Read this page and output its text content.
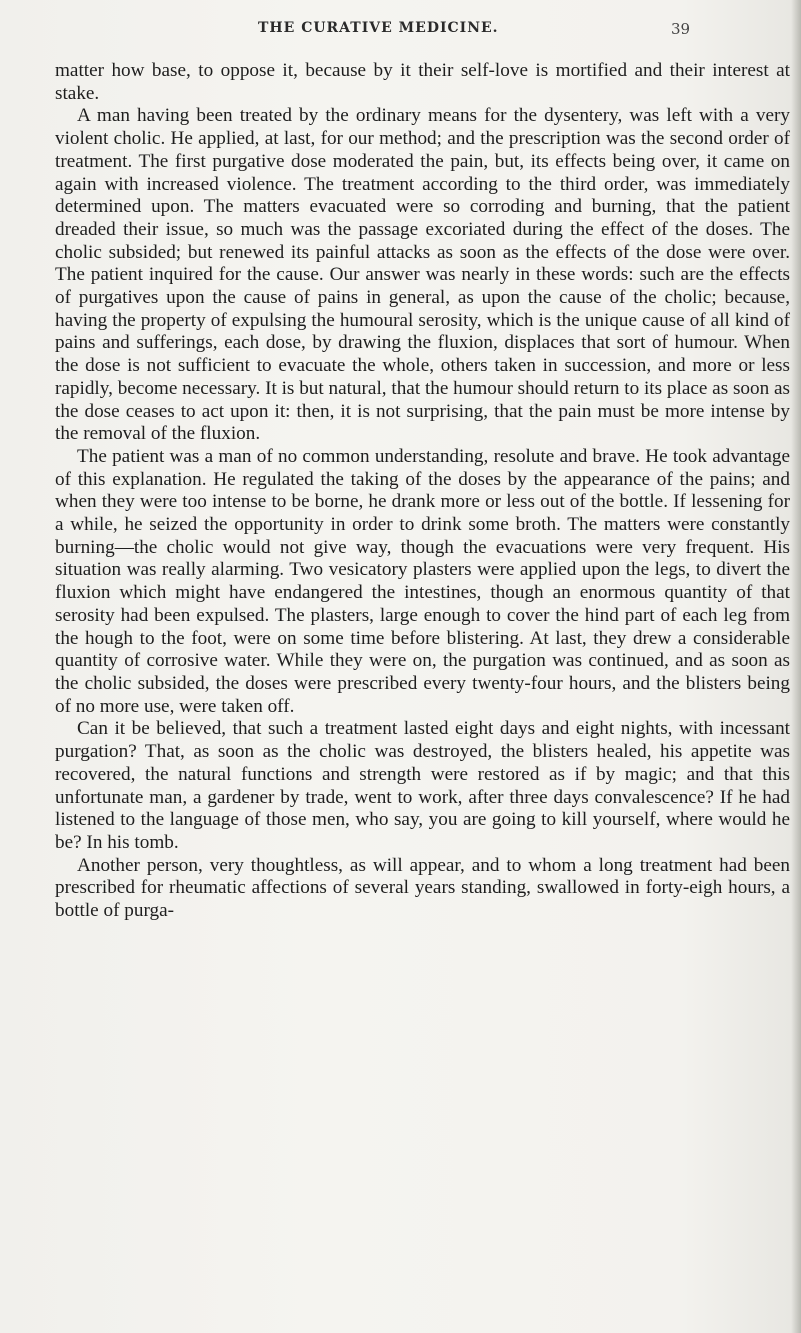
THE CURATIVE MEDICINE.	39

matter how base, to oppose it, because by it their self-love is mortified and their interest at stake.

A man having been treated by the ordinary means for the dysentery, was left with a very violent cholic. He applied, at last, for our method; and the prescription was the second order of treatment. The first purgative dose moderated the pain, but, its effects being over, it came on again with increased violence. The treatment according to the third order, was immediately determined upon. The matters evacuated were so corroding and burning, that the patient dreaded their issue, so much was the passage excoriated during the effect of the doses. The cholic subsided; but renewed its painful attacks as soon as the effects of the dose were over. The patient inquired for the cause. Our answer was nearly in these words: such are the effects of purgatives upon the cause of pains in general, as upon the cause of the cholic; because, having the property of expulsing the humoural serosity, which is the unique cause of all kind of pains and sufferings, each dose, by drawing the fluxion, displaces that sort of humour. When the dose is not sufficient to evacuate the whole, others taken in succession, and more or less rapidly, become necessary. It is but natural, that the humour should return to its place as soon as the dose ceases to act upon it: then, it is not surprising, that the pain must be more intense by the removal of the fluxion.

The patient was a man of no common understanding, resolute and brave. He took advantage of this explanation. He regulated the taking of the doses by the appearance of the pains; and when they were too intense to be borne, he drank more or less out of the bottle. If lessening for a while, he seized the opportunity in order to drink some broth. The matters were constantly burning—the cholic would not give way, though the evacuations were very frequent. His situation was really alarming. Two vesicatory plasters were applied upon the legs, to divert the fluxion which might have endangered the intestines, though an enormous quantity of that serosity had been expulsed. The plasters, large enough to cover the hind part of each leg from the hough to the foot, were on some time before blistering. At last, they drew a considerable quantity of corrosive water. While they were on, the purgation was continued, and as soon as the cholic subsided, the doses were prescribed every twenty-four hours, and the blisters being of no more use, were taken off.

Can it be believed, that such a treatment lasted eight days and eight nights, with incessant purgation? That, as soon as the cholic was destroyed, the blisters healed, his appetite was recovered, the natural functions and strength were restored as if by magic; and that this unfortunate man, a gardener by trade, went to work, after three days convalescence? If he had listened to the language of those men, who say, you are going to kill yourself, where would he be? In his tomb.

Another person, very thoughtless, as will appear, and to whom a long treatment had been prescribed for rheumatic affections of several years standing, swallowed in forty-eigh hours, a bottle of purga-
